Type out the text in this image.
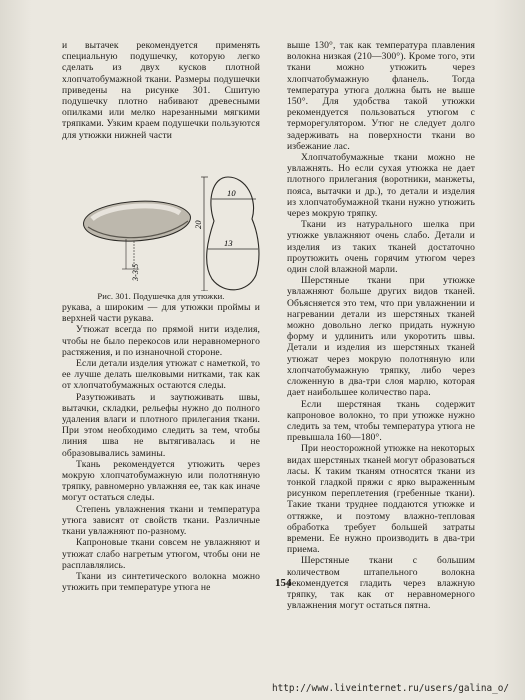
и вытачек рекомендуется применять специальную подушечку, которую легко сделать из двух кусков плотной хлопчатобумажной ткани. Размеры подушечки приведены на рисунке 301. Сшитую подушечку плотно набивают древесными опилками или мелко нарезанными мягкими тряпками. Узким краем подушечки пользуются для утюжки нижней части

3-3,5
20
10
13

Рис. 301. Подушечка для утюжки.

рукава, а широким — для утюжки проймы и верхней части рукава.

Утюжат всегда по прямой нити изделия, чтобы не было перекосов или неравномерного растяжения, и по изнаночной стороне.

Если детали изделия утюжат с наметкой, то ее лучше делать шелковыми нитками, так как от хлопчатобумажных остаются следы.

Разутюживать и заутюживать швы, вытачки, складки, рельефы нужно до полного удаления влаги и плотного прилегания ткани. При этом необходимо следить за тем, чтобы линия шва не вытягивалась и не образовывались замины.

Ткань рекомендуется утюжить через мокрую хлопчатобумажную или полотняную тряпку, равномерно увлажняя ее, так как иначе могут остаться следы.

Степень увлажнения ткани и температура утюга зависят от свойств ткани. Различные ткани увлажняют по-разному.

Капроновые ткани совсем не увлажняют и утюжат слабо нагретым утюгом, чтобы они не расплавлялись.

Ткани из синтетического волокна можно утюжить при температуре утюга не

выше 130°, так как температура плавления волокна низкая (210—300°). Кроме того, эти ткани можно утюжить через хлопчатобумажную фланель. Тогда температура утюга должна быть не выше 150°. Для удобства такой утюжки рекомендуется пользоваться утюгом с терморегулятором. Утюг не следует долго задерживать на поверхности ткани во избежание лас.

Хлопчатобумажные ткани можно не увлажнять. Но если сухая утюжка не дает плотного прилегания (воротники, манжеты, пояса, вытачки и др.), то детали и изделия из хлопчатобумажной ткани нужно утюжить через мокрую тряпку.

Ткани из натурального шелка при утюжке увлажняют очень слабо. Детали и изделия из таких тканей достаточно проутюжить очень горячим утюгом через один слой влажной марли.

Шерстяные ткани при утюжке увлажняют больше других видов тканей. Объясняется это тем, что при увлажнении и нагревании детали из шерстяных тканей можно довольно легко придать нужную форму и удлинить или укоротить швы. Детали и изделия из шерстяных тканей утюжат через мокрую полотняную или хлопчатобумажную тряпку, либо через сложенную в два-три слоя марлю, которая дает наибольшее количество пара.

Если шерстяная ткань содержит капроновое волокно, то при утюжке нужно следить за тем, чтобы температура утюга не превышала 160—180°.

При неосторожной утюжке на некоторых видах шерстяных тканей могут образоваться ласы. К таким тканям относятся ткани из тонкой гладкой пряжи с ярко выраженным рисунком переплетения (гребенные ткани). Такие ткани труднее поддаются утюжке и оттяжке, и поэтому влажно-тепловая обработка требует большей затраты времени. Ее нужно производить в два-три приема.

Шерстяные ткани с большим количеством штапельного волокна рекомендуется гладить через влажную тряпку, так как от неравномерного увлажнения могут остаться пятна.

154
http://www.liveinternet.ru/users/galina_o/
